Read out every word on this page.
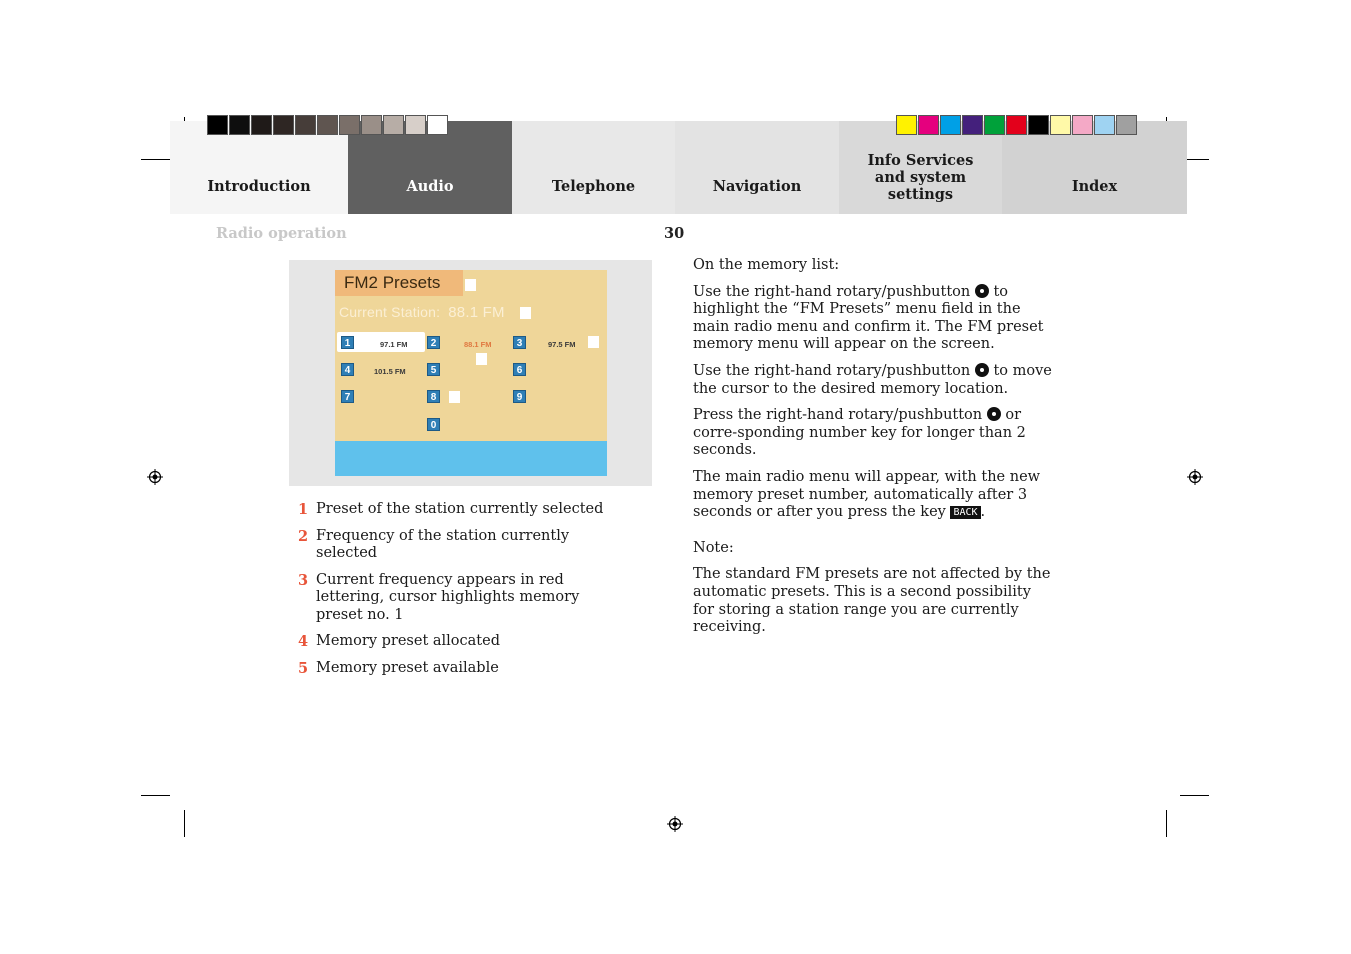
Introduction	Audio	Telephone	Navigation
Info Services and system settings	Index
Radio operation	30
FM2 Presets
Current Station: 88.1 FM
1	97.1 FM	2	88.1 FM	3	97.5 FM
4	101.5 FM	5	6
7	8	9
0
1 Preset of the station currently selected
2 Frequency of the station currently selected
3 Current frequency appears in red lettering, cursor highlights memory preset no. 1
4 Memory preset allocated
5 Memory preset available

On the memory list:

Use the right-hand rotary/pushbutton to highlight the “FM Presets” menu field in the main radio menu and confirm it. The FM preset memory menu will appear on the screen.

Use the right-hand rotary/pushbutton to move the cursor to the desired memory location.

Press the right-hand rotary/pushbutton or corre-sponding number key for longer than 2 seconds.

The main radio menu will appear, with the new memory preset number, automatically after 3 seconds or after you press the key BACK .

Note:

The standard FM presets are not affected by the automatic presets. This is a second possibility for storing a station range you are currently receiving.
